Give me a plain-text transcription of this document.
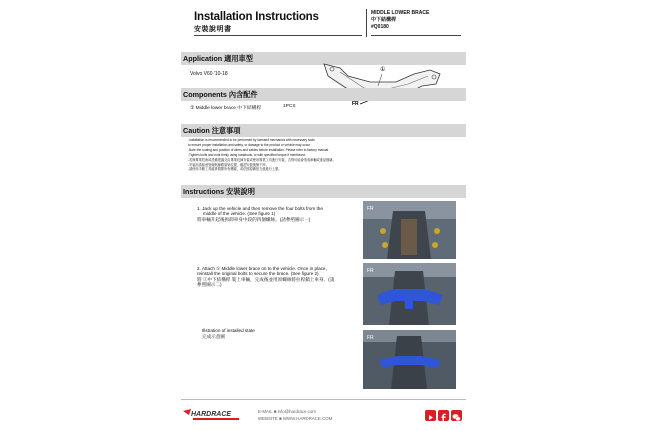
Installation Instructions
安裝說明書
MIDDLE LOWER BRACE
中下結構桿
#Q0180
Application 適用車型
Volvo V60 '10-18
①
FR
Components 內含配件
① Middle lower brace 中下結構桿	1PCS
Caution 注意事項
-Installation is recommended to be performed by licensed mechanics with necessary tools
to ensure proper installation and safety, or damage to the product or vehicle may occur.
-Note the routing and position of wires and cables before installation. Please refer to factory manual.
-Tighten bolts and nuts firmly using handtools, or with specified torque if mentioned.
-若無專業技術或設備建議交由專業技師安裝或使用專業工具進行安裝，否則可能會造成車輛或產品損壞。
-安裝前請留意管線與線路原始位置，確認安裝後無干涉。
-請使用手動工具確實鎖緊所有螺絲，或依照原廠扭力值進行上緊。
Instructions 安裝說明
1. Jack up the vehicle and then remove the four bolts from the
middle of the vehicle. (See figure 1)
將車輛升起後拆卸車身中段的四個螺絲。(請參照圖示一)
2. Attach ① Middle lower brace on to the vehicle. Once in place,
reinstall the original bolts to secure the brace. (See figure 2)
將 ①中下結構桿 裝上車輛，完成後並用原螺絲將拉桿鎖上車身。(請
參照圖示二)
Illstration of installed state
完成示意圖
FR
FR
FR
HARDRACE	E-MAIL ■ info@hardrace.com
WEBSITE ■ WWW.HARDRACE.COM
